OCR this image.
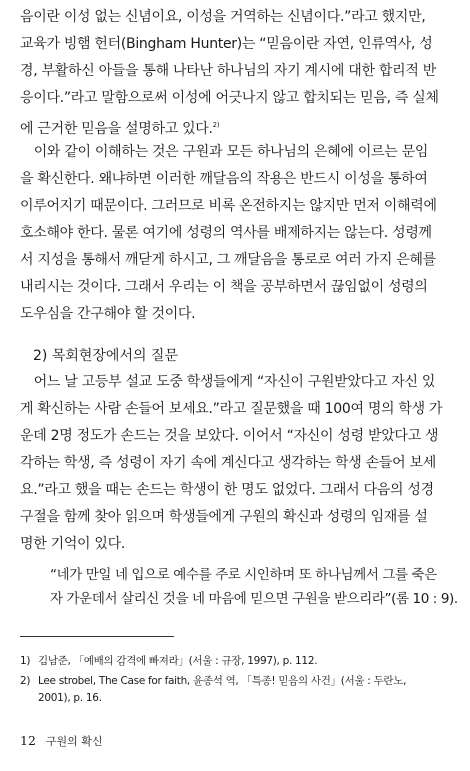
음이란 이성 없는 신념이요, 이성을 거역하는 신념이다.”라고 했지만,
교육가 빙햄 헌터(Bingham Hunter)는 “믿음이란 자연, 인류역사, 성
경, 부활하신 아들을 통해 나타난 하나님의 자기 계시에 대한 합리적 반
응이다.”라고 말함으로써 이성에 어긋나지 않고 합치되는 믿음, 즉 실체
에 근거한 믿음을 설명하고 있다.$^{2)}$
　이와 같이 이해하는 것은 구원과 모든 하나님의 은혜에 이르는 문임
을 확신한다. 왜냐하면 이러한 깨달음의 작용은 반드시 이성을 통하여
이루어지기 때문이다. 그러므로 비록 온전하지는 않지만 먼저 이해력에
호소해야 한다. 물론 여기에 성령의 역사를 배제하지는 않는다. 성령께
서 지성을 통해서 깨닫게 하시고, 그 깨달음을 통로로 여러 가지 은혜를
내리시는 것이다. 그래서 우리는 이 책을 공부하면서 끊임없이 성령의
도우심을 간구해야 할 것이다.
2) 목회현장에서의 질문
　어느 날 고등부 설교 도중 학생들에게 “자신이 구원받았다고 자신 있
게 확신하는 사람 손들어 보세요.”라고 질문했을 때 100여 명의 학생 가
운데 2명 정도가 손드는 것을 보았다. 이어서 “자신이 성령 받았다고 생
각하는 학생, 즉 성령이 자기 속에 계신다고 생각하는 학생 손들어 보세
요.”라고 했을 때는 손드는 학생이 한 명도 없었다. 그래서 다음의 성경
구절을 함께 찾아 읽으며 학생들에게 구원의 확신과 성령의 임재를 설
명한 기억이 있다.
“네가 만일 네 입으로 예수를 주로 시인하며 또 하나님께서 그를 죽은
자 가운데서 살리신 것을 네 마음에 믿으면 구원을 받으리라”(롬 10 : 9).
1) 김남준, 「예배의 감격에 빠져라」(서울 : 규장, 1997), p. 112.
2) Lee strobel, The Case for faith, 윤종석 역, 「특종! 믿음의 사건」(서울 : 두란노,
2001), p. 16.
12 구원의 확신
